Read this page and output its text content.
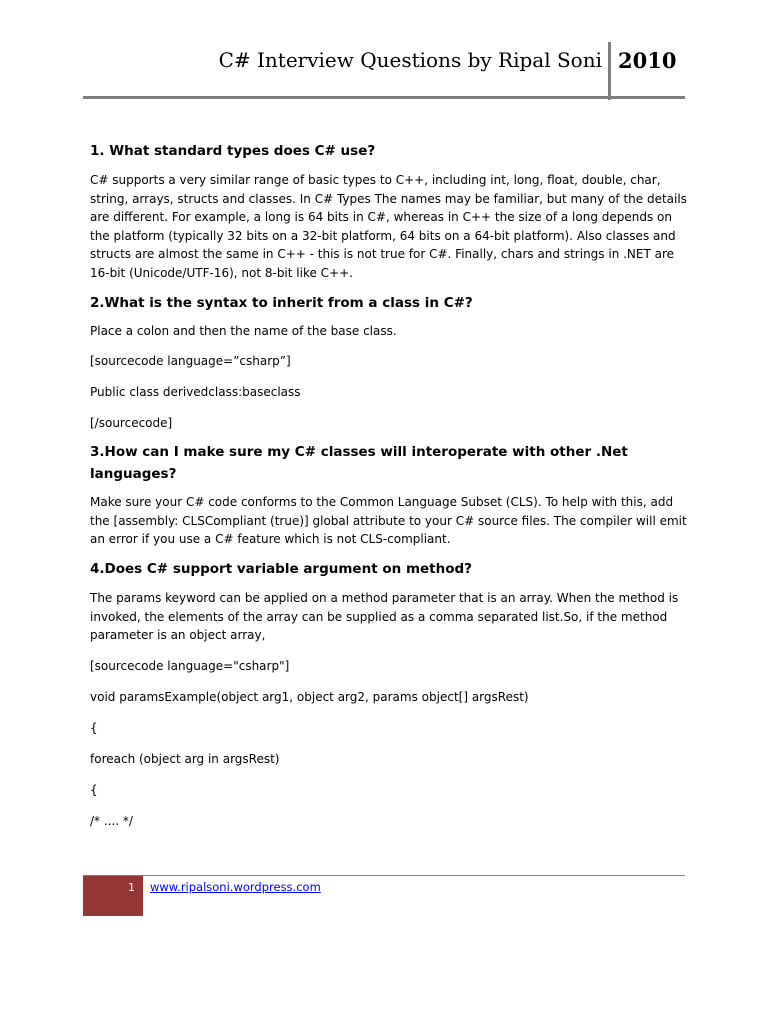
C# Interview Questions by Ripal Soni 2010
1. What standard types does C# use?

C# supports a very similar range of basic types to C++, including int, long, float, double, char, string, arrays, structs and classes. In C# Types The names may be familiar, but many of the details are different. For example, a long is 64 bits in C#, whereas in C++ the size of a long depends on the platform (typically 32 bits on a 32-bit platform, 64 bits on a 64-bit platform). Also classes and structs are almost the same in C++ - this is not true for C#. Finally, chars and strings in .NET are 16-bit (Unicode/UTF-16), not 8-bit like C++.

2.What is the syntax to inherit from a class in C#?

Place a colon and then the name of the base class.

[sourcecode language=”csharp”]

Public class derivedclass:baseclass

[/sourcecode]

3.How can I make sure my C# classes will interoperate with other .Net languages?

Make sure your C# code conforms to the Common Language Subset (CLS). To help with this, add the [assembly: CLSCompliant (true)] global attribute to your C# source files. The compiler will emit an error if you use a C# feature which is not CLS-compliant.

4.Does C# support variable argument on method?

The params keyword can be applied on a method parameter that is an array. When the method is invoked, the elements of the array can be supplied as a comma separated list.So, if the method parameter is an object array,

[sourcecode language="csharp"]

void paramsExample(object arg1, object arg2, params object[] argsRest)

{

foreach (object arg in argsRest)

{

/* .... */

1 www.ripalsoni.wordpress.com
